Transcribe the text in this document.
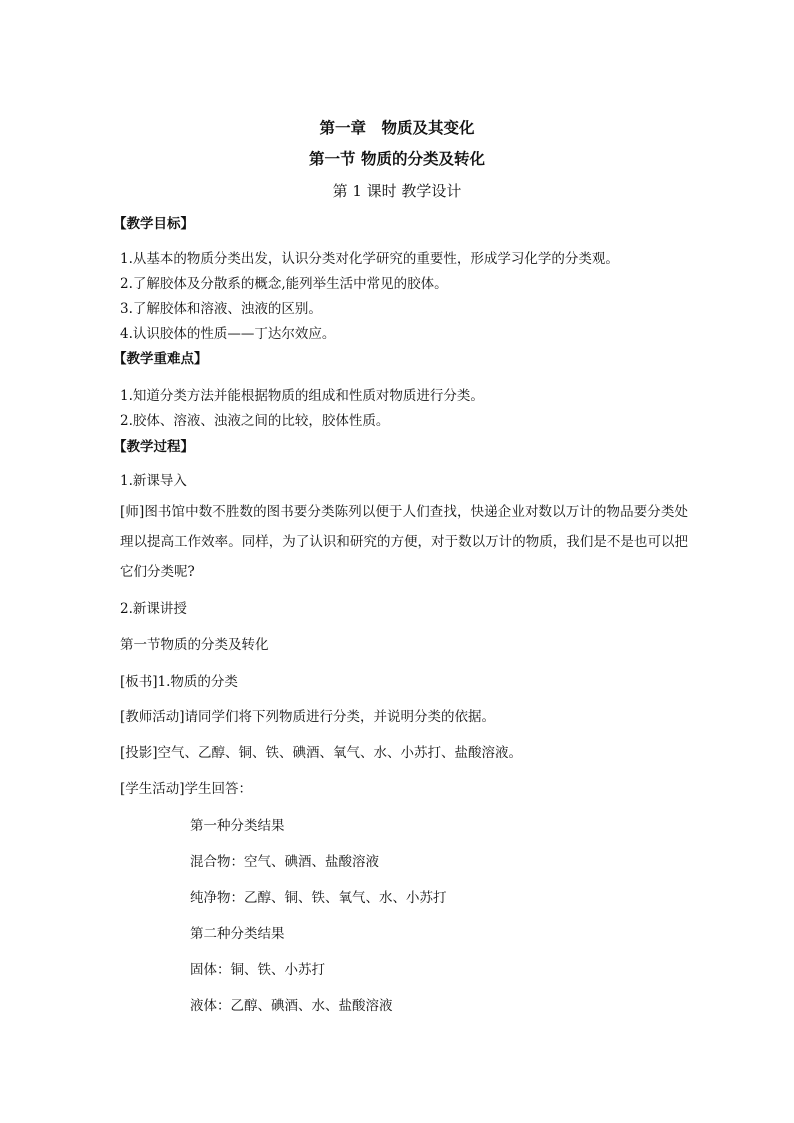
第一章　物质及其变化
第一节 物质的分类及转化
第 1 课时 教学设计
【教学目标】
1.从基本的物质分类出发，认识分类对化学研究的重要性，形成学习化学的分类观。
2.了解胶体及分散系的概念,能列举生活中常见的胶体。
3.了解胶体和溶液、浊液的区别。
4.认识胶体的性质——丁达尔效应。
【教学重难点】
1.知道分类方法并能根据物质的组成和性质对物质进行分类。
2.胶体、溶液、浊液之间的比较，胶体性质。
【教学过程】
1.新课导入
[师]图书馆中数不胜数的图书要分类陈列以便于人们查找，快递企业对数以万计的物品要分类处理以提高工作效率。同样，为了认识和研究的方便，对于数以万计的物质，我们是不是也可以把它们分类呢?
2.新课讲授
第一节物质的分类及转化
[板书]1.物质的分类
[教师活动]请同学们将下列物质进行分类，并说明分类的依据。
[投影]空气、乙醇、铜、铁、碘酒、氧气、水、小苏打、盐酸溶液。
[学生活动]学生回答：
第一种分类结果
混合物：空气、碘酒、盐酸溶液
纯净物：乙醇、铜、铁、氧气、水、小苏打
第二种分类结果
固体：铜、铁、小苏打
液体：乙醇、碘酒、水、盐酸溶液
